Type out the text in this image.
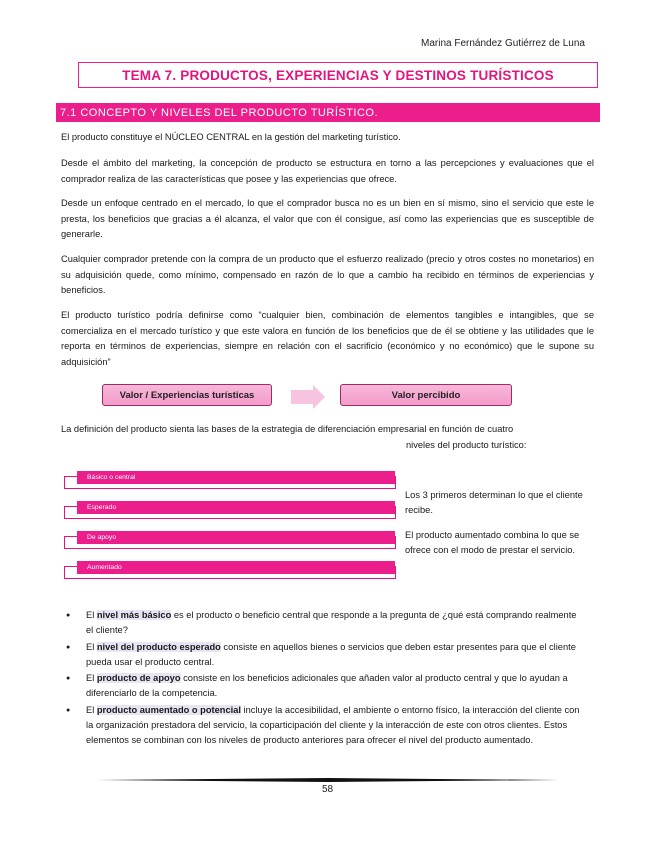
Marina Fernández Gutiérrez de Luna
TEMA 7. PRODUCTOS, EXPERIENCIAS Y DESTINOS TURÍSTICOS
7.1 CONCEPTO Y NIVELES DEL PRODUCTO TURÍSTICO.
El producto constituye el NÚCLEO CENTRAL en la gestión del marketing turístico.
Desde el ámbito del marketing, la concepción de producto se estructura en torno a las percepciones y evaluaciones que el comprador realiza de las características que posee y las experiencias que ofrece.
Desde un enfoque centrado en el mercado, lo que el comprador busca no es un bien en sí mismo, sino el servicio que este le presta, los beneficios que gracias a él alcanza, el valor que con él consigue, así como las experiencias que es susceptible de generarle.
Cualquier comprador pretende con la compra de un producto que el esfuerzo realizado (precio y otros costes no monetarios) en su adquisición quede, como mínimo, compensado en razón de lo que a cambio ha recibido en términos de experiencias y beneficios.
El producto turístico podría definirse como “cualquier bien, combinación de elementos tangibles e intangibles, que se comercializa en el mercado turístico y que este valora en función de los beneficios que de él se obtiene y las utilidades que le reporta en términos de experiencias, siempre en relación con el sacrificio (económico y no económico) que le supone su adquisición”
Valor / Experiencias turísticas	Valor percibido
La definición del producto sienta las bases de la estrategia de diferenciación empresarial en función de cuatro
niveles del producto turístico:
Básico o central
Esperado
De apoyo
Aumentado
Los 3 primeros determinan lo que el cliente recibe.
El producto aumentado combina lo que se ofrece con el modo de prestar el servicio.
● El nivel más básico es el producto o beneficio central que responde a la pregunta de ¿qué está comprando realmente el cliente?
● El nivel del producto esperado consiste en aquellos bienes o servicios que deben estar presentes para que el cliente pueda usar el producto central.
● El producto de apoyo consiste en los beneficios adicionales que añaden valor al producto central y que lo ayudan a diferenciarlo de la competencia.
● El producto aumentado o potencial incluye la accesibilidad, el ambiente o entorno físico, la interacción del cliente con la organización prestadora del servicio, la coparticipación del cliente y la interacción de este con otros clientes. Estos elementos se combinan con los niveles de producto anteriores para ofrecer el nivel del producto aumentado.
58
